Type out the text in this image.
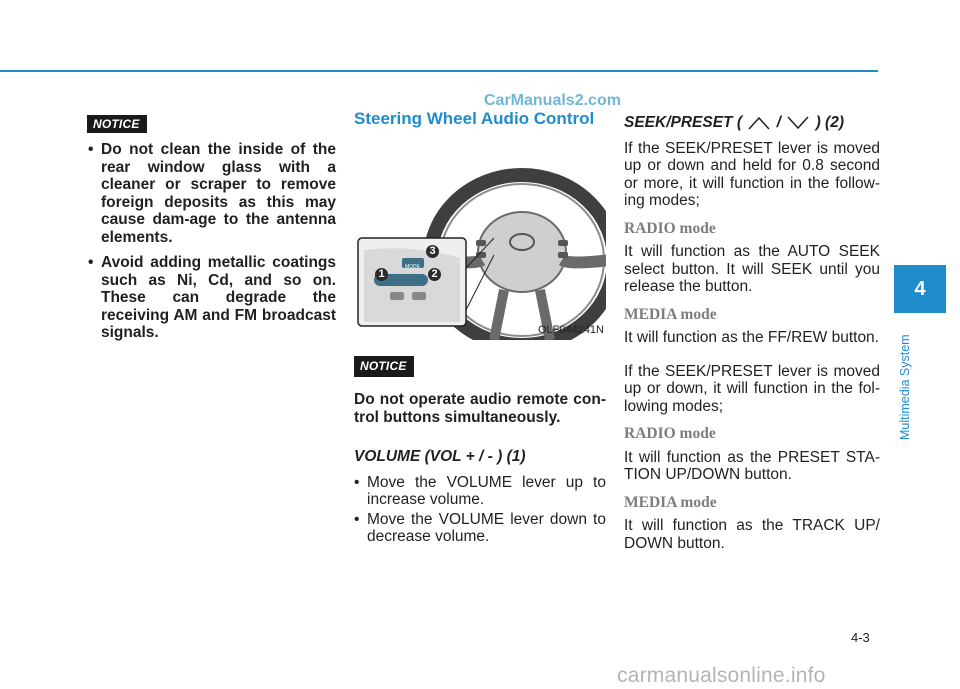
CarManuals2.com
NOTICE
• Do not clean the inside of the rear window glass with a cleaner or scraper to remove foreign deposits as this may cause dam-age to the antenna elements.
• Avoid adding metallic coatings such as Ni, Cd, and so on. These can degrade the receiving AM and FM broadcast signals.
Steering Wheel Audio Control
MODE
1	2
3
OLF044241N
NOTICE

Do not operate audio remote con-trol buttons simultaneously.

VOLUME (VOL + / - ) (1)

• Move the VOLUME lever up to increase volume.
• Move the VOLUME lever down to decrease volume.

SEEK/PRESET ( / ) (2)

If the SEEK/PRESET lever is moved up or down and held for 0.8 second or more, it will function in the follow-ing modes;

RADIO mode

It will function as the AUTO SEEK select button. It will SEEK until you release the button.

MEDIA mode

It will function as the FF/REW button.

If the SEEK/PRESET lever is moved up or down, it will function in the fol-lowing modes;

RADIO mode

It will function as the PRESET STA-TION UP/DOWN button.

MEDIA mode

It will function as the TRACK UP/ DOWN button.

4
Multimedia System
4-3
carmanualsonline.info
